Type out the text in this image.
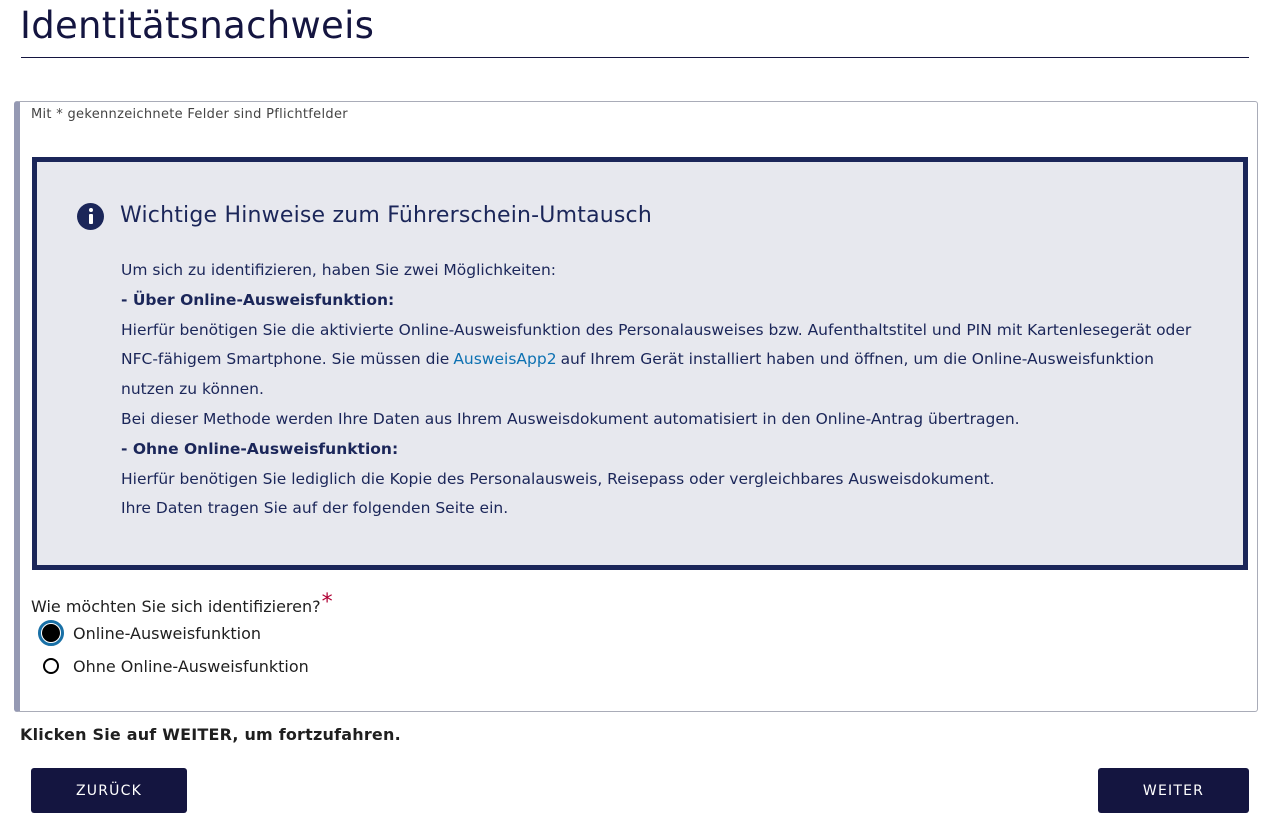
Identitätsnachweis
Mit * gekennzeichnete Felder sind Pflichtfelder
Wichtige Hinweise zum Führerschein-Umtausch

Um sich zu identifizieren, haben Sie zwei Möglichkeiten:

- Über Online-Ausweisfunktion:

Hierfür benötigen Sie die aktivierte Online-Ausweisfunktion des Personalausweises bzw. Aufenthaltstitel und PIN mit Kartenlesegerät oder NFC-fähigem Smartphone. Sie müssen die AusweisApp2 auf Ihrem Gerät installiert haben und öffnen, um die Online-Ausweisfunktion nutzen zu können.

Bei dieser Methode werden Ihre Daten aus Ihrem Ausweisdokument automatisiert in den Online-Antrag übertragen.

- Ohne Online-Ausweisfunktion:

Hierfür benötigen Sie lediglich die Kopie des Personalausweis, Reisepass oder vergleichbares Ausweisdokument.

Ihre Daten tragen Sie auf der folgenden Seite ein.

Wie möchten Sie sich identifizieren?*
Online-Ausweisfunktion
Ohne Online-Ausweisfunktion
Klicken Sie auf WEITER, um fortzufahren.
ZURÜCK	WEITER
